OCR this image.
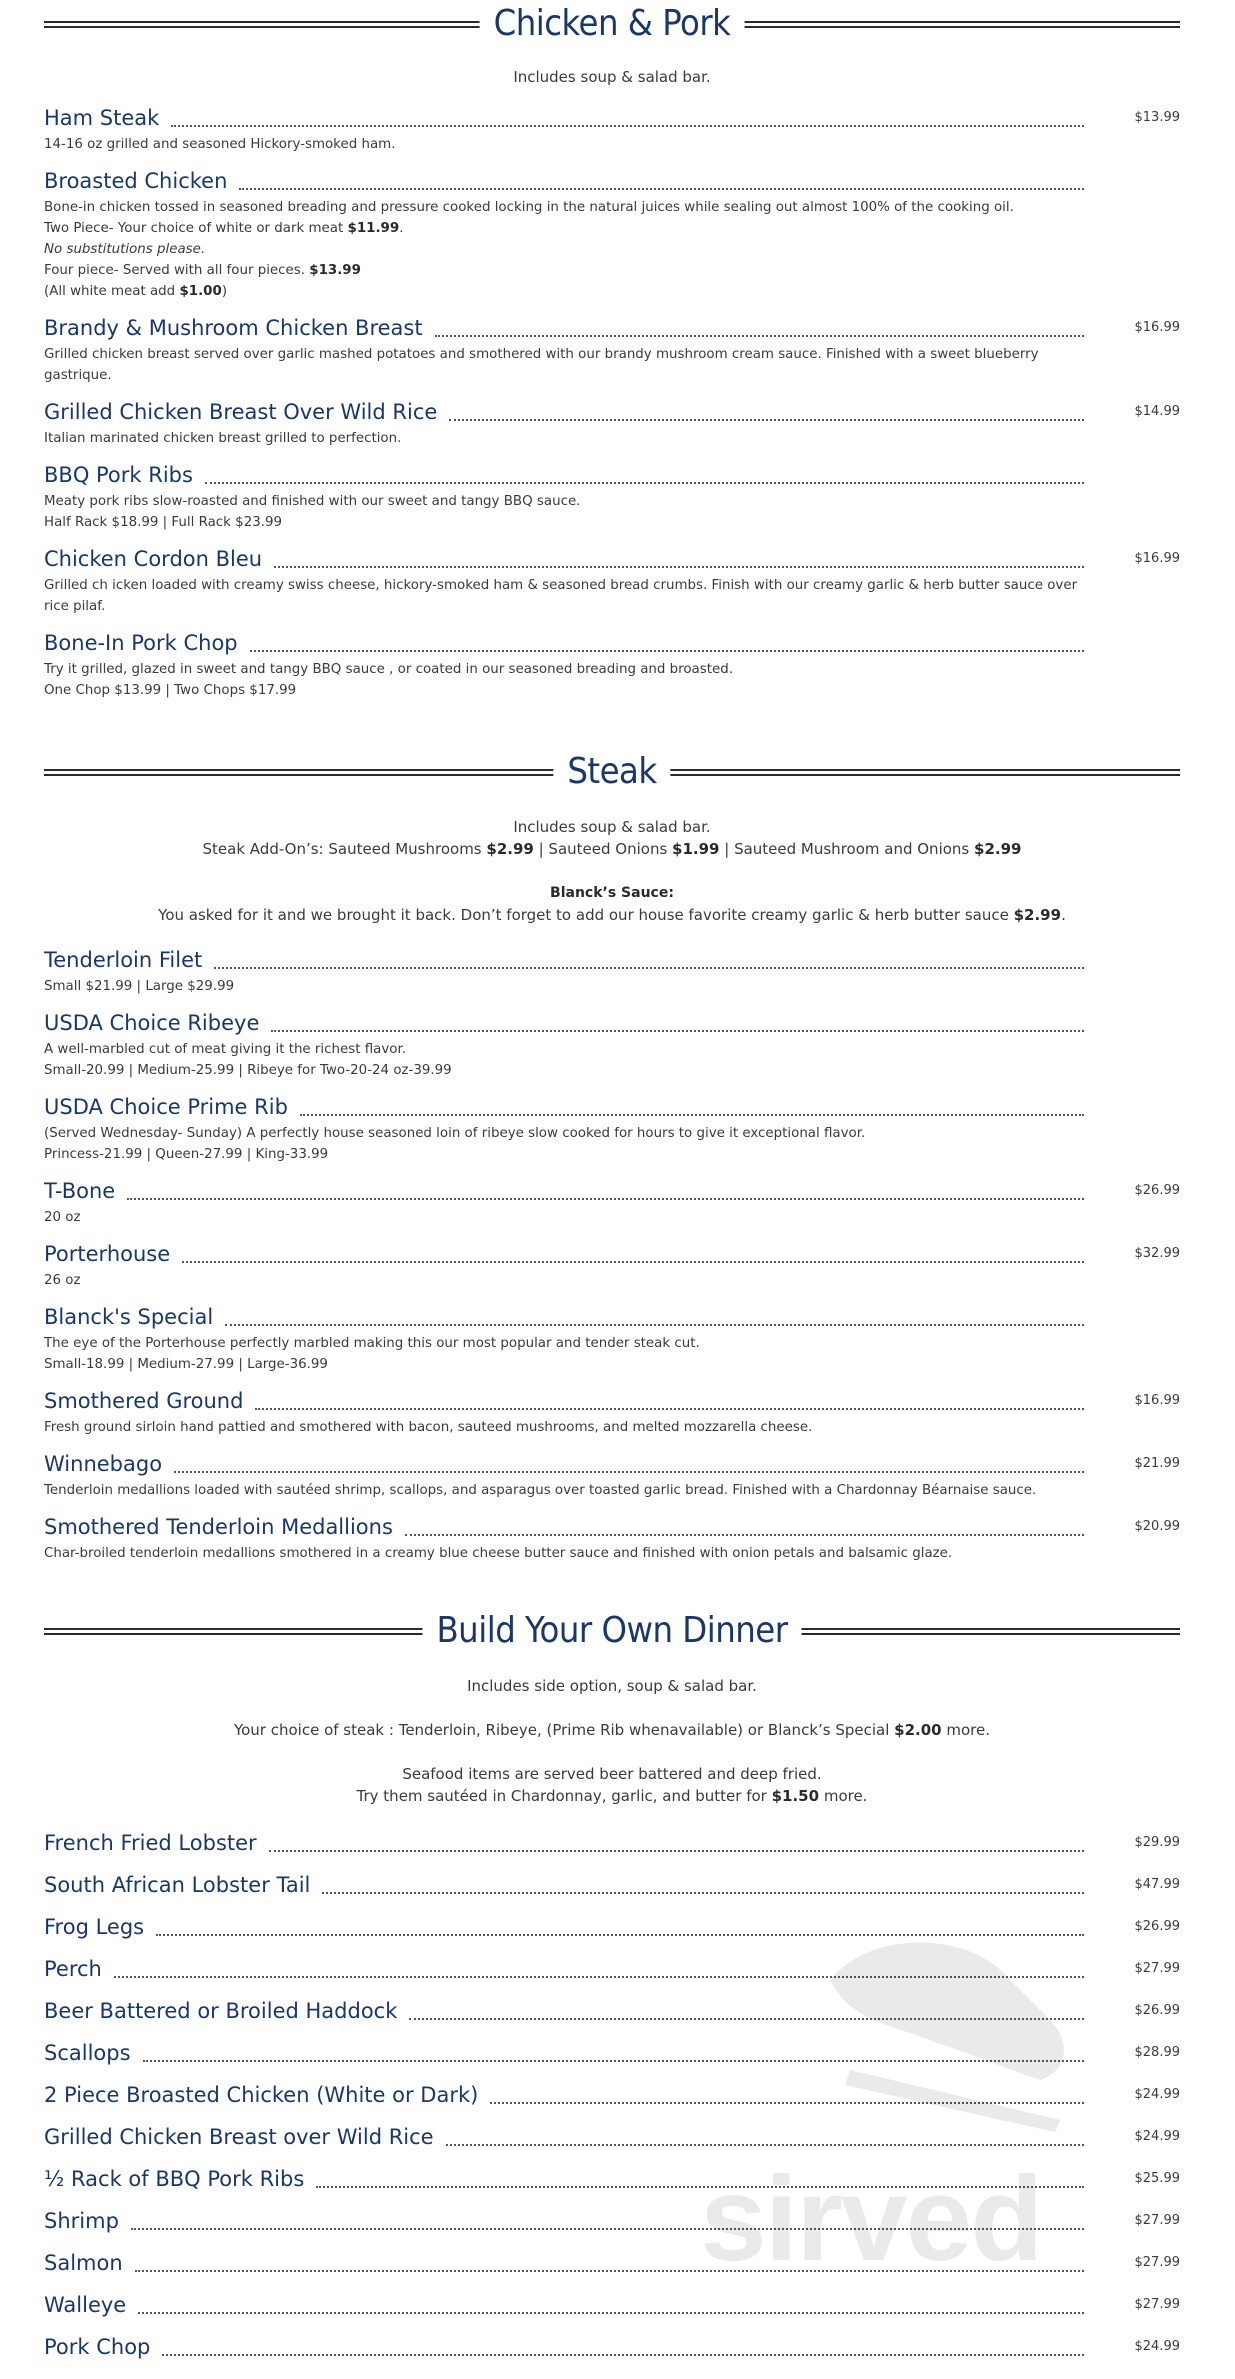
Chicken & Pork
Includes soup & salad bar.
Ham Steak	$13.99
14-16 oz grilled and seasoned Hickory-smoked ham.
Broasted Chicken
Bone-in chicken tossed in seasoned breading and pressure cooked locking in the natural juices while sealing out almost 100% of the cooking oil.
Two Piece- Your choice of white or dark meat $11.99.
No substitutions please.
Four piece- Served with all four pieces. $13.99
(All white meat add $1.00)
Brandy & Mushroom Chicken Breast	$16.99
Grilled chicken breast served over garlic mashed potatoes and smothered with our brandy mushroom cream sauce. Finished with a sweet blueberry gastrique.
Grilled Chicken Breast Over Wild Rice	$14.99
Italian marinated chicken breast grilled to perfection.
BBQ Pork Ribs
Meaty pork ribs slow-roasted and finished with our sweet and tangy BBQ sauce.
Half Rack $18.99 | Full Rack $23.99
Chicken Cordon Bleu	$16.99
Grilled ch icken loaded with creamy swiss cheese, hickory-smoked ham & seasoned bread crumbs. Finish with our creamy garlic & herb butter sauce over rice pilaf.
Bone-In Pork Chop
Try it grilled, glazed in sweet and tangy BBQ sauce , or coated in our seasoned breading and broasted.
One Chop $13.99 | Two Chops $17.99
Steak
Includes soup & salad bar.
Steak Add-On’s: Sauteed Mushrooms $2.99 | Sauteed Onions $1.99 | Sauteed Mushroom and Onions $2.99
Blanck’s Sauce:
You asked for it and we brought it back. Don’t forget to add our house favorite creamy garlic & herb butter sauce $2.99.
Tenderloin Filet
Small $21.99 | Large $29.99
USDA Choice Ribeye
A well-marbled cut of meat giving it the richest flavor.
Small-20.99 | Medium-25.99 | Ribeye for Two-20-24 oz-39.99
USDA Choice Prime Rib
(Served Wednesday- Sunday) A perfectly house seasoned loin of ribeye slow cooked for hours to give it exceptional flavor.
Princess-21.99 | Queen-27.99 | King-33.99
T-Bone	$26.99
20 oz
Porterhouse	$32.99
26 oz
Blanck's Special
The eye of the Porterhouse perfectly marbled making this our most popular and tender steak cut.
Small-18.99 | Medium-27.99 | Large-36.99
Smothered Ground	$16.99
Fresh ground sirloin hand pattied and smothered with bacon, sauteed mushrooms, and melted mozzarella cheese.
Winnebago	$21.99
Tenderloin medallions loaded with sautéed shrimp, scallops, and asparagus over toasted garlic bread. Finished with a Chardonnay Béarnaise sauce.
Smothered Tenderloin Medallions	$20.99
Char-broiled tenderloin medallions smothered in a creamy blue cheese butter sauce and finished with onion petals and balsamic glaze.
Build Your Own Dinner
Includes side option, soup & salad bar.
Your choice of steak : Tenderloin, Ribeye, (Prime Rib whenavailable) or Blanck’s Special $2.00 more.
Seafood items are served beer battered and deep fried.
Try them sautéed in Chardonnay, garlic, and butter for $1.50 more.
French Fried Lobster	$29.99
South African Lobster Tail	$47.99
Frog Legs	$26.99
Perch	$27.99
Beer Battered or Broiled Haddock	$26.99
Scallops	$28.99
2 Piece Broasted Chicken (White or Dark)	$24.99
Grilled Chicken Breast over Wild Rice	$24.99
½ Rack of BBQ Pork Ribs	$25.99
Shrimp	$27.99
Salmon	$27.99
Walleye	$27.99
Pork Chop	$24.99
sirved
